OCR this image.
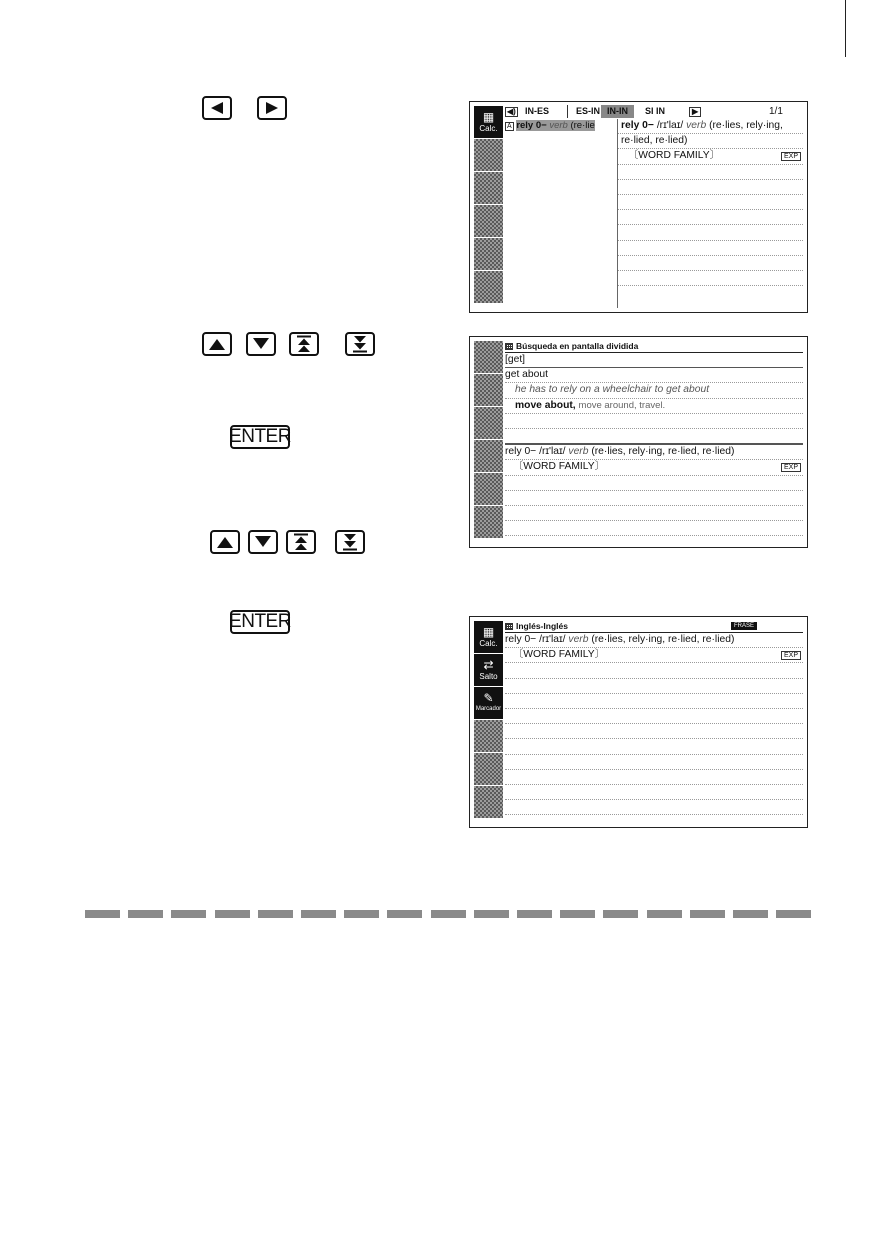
ENTER
ENTER
▦
Calc.
◀) IN-ES	ES-IN IN-IN	SI IN	▶	1/1
A rely 0− verb (re·lie	rely 0− /rɪ'laɪ/ verb (re·lies, rely·ing,
re·lied, re·lied)
〔WORD FAMILY〕	EXP
Búsqueda en pantalla dividida
[get]
get about
he has to rely on a wheelchair to get about
move about, move around, travel.
rely 0− /rɪ'laɪ/ verb (re·lies, rely·ing, re·lied, re·lied)
〔WORD FAMILY〕	EXP
▦
Calc.
⇄
Salto
✎
Marcador
Inglés-Inglés	FRASE
rely 0− /rɪ'laɪ/ verb (re·lies, rely·ing, re·lied, re·lied)
〔WORD FAMILY〕	EXP
